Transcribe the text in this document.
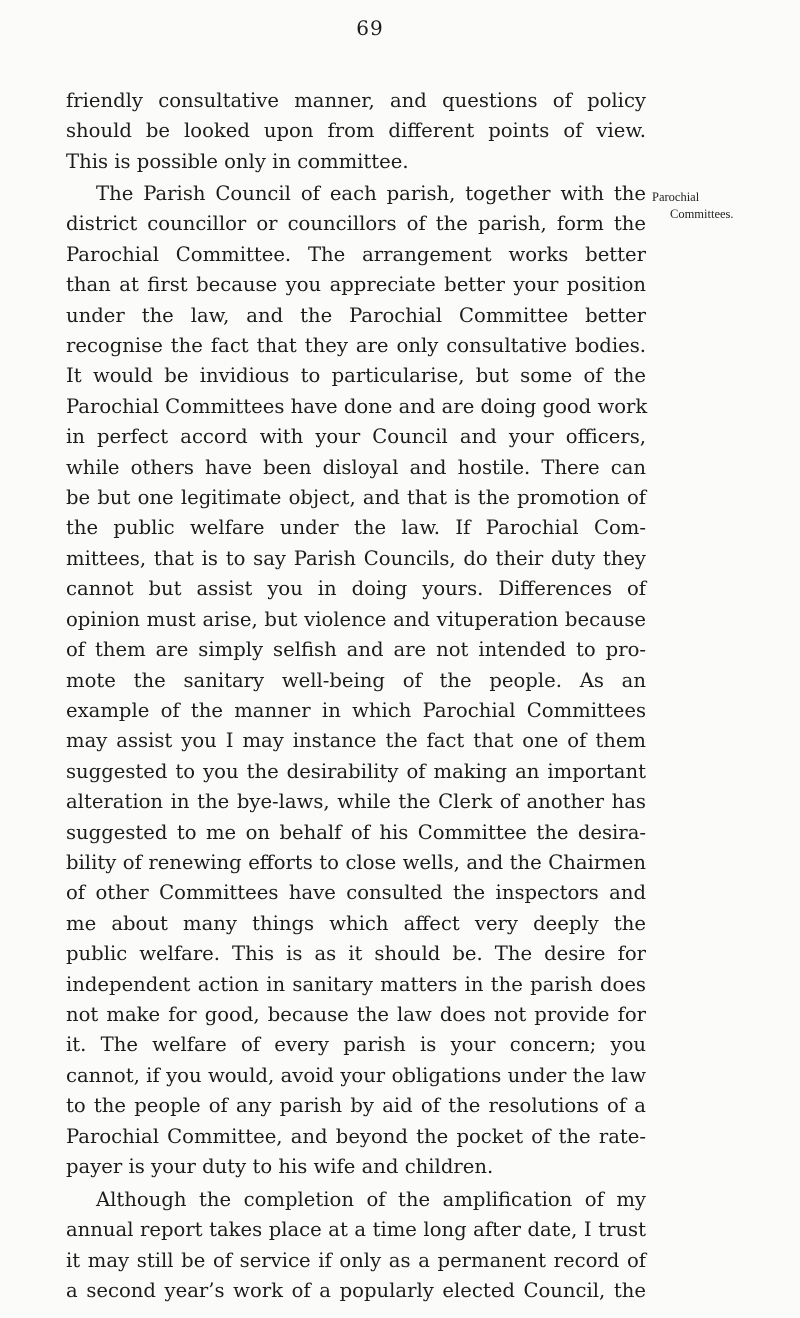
69
Parochial
Committees.
friendly consultative manner, and questions of policy
should be looked upon from different points of view.
This is possible only in committee.
The Parish Council of each parish, together with the
district councillor or councillors of the parish, form the
Parochial Committee. The arrangement works better
than at first because you appreciate better your position
under the law, and the Parochial Committee better
recognise the fact that they are only consultative bodies.
It would be invidious to particularise, but some of the
Parochial Committees have done and are doing good work
in perfect accord with your Council and your officers,
while others have been disloyal and hostile. There can
be but one legitimate object, and that is the promotion of
the public welfare under the law. If Parochial Com-
mittees, that is to say Parish Councils, do their duty they
cannot but assist you in doing yours. Differences of
opinion must arise, but violence and vituperation because
of them are simply selfish and are not intended to pro-
mote the sanitary well-being of the people. As an
example of the manner in which Parochial Committees
may assist you I may instance the fact that one of them
suggested to you the desirability of making an important
alteration in the bye-laws, while the Clerk of another has
suggested to me on behalf of his Committee the desira-
bility of renewing efforts to close wells, and the Chairmen
of other Committees have consulted the inspectors and
me about many things which affect very deeply the
public welfare. This is as it should be. The desire for
independent action in sanitary matters in the parish does
not make for good, because the law does not provide for
it. The welfare of every parish is your concern; you
cannot, if you would, avoid your obligations under the law
to the people of any parish by aid of the resolutions of a
Parochial Committee, and beyond the pocket of the rate-
payer is your duty to his wife and children.
Although the completion of the amplification of my
annual report takes place at a time long after date, I trust
it may still be of service if only as a permanent record of
a second year’s work of a popularly elected Council, the
